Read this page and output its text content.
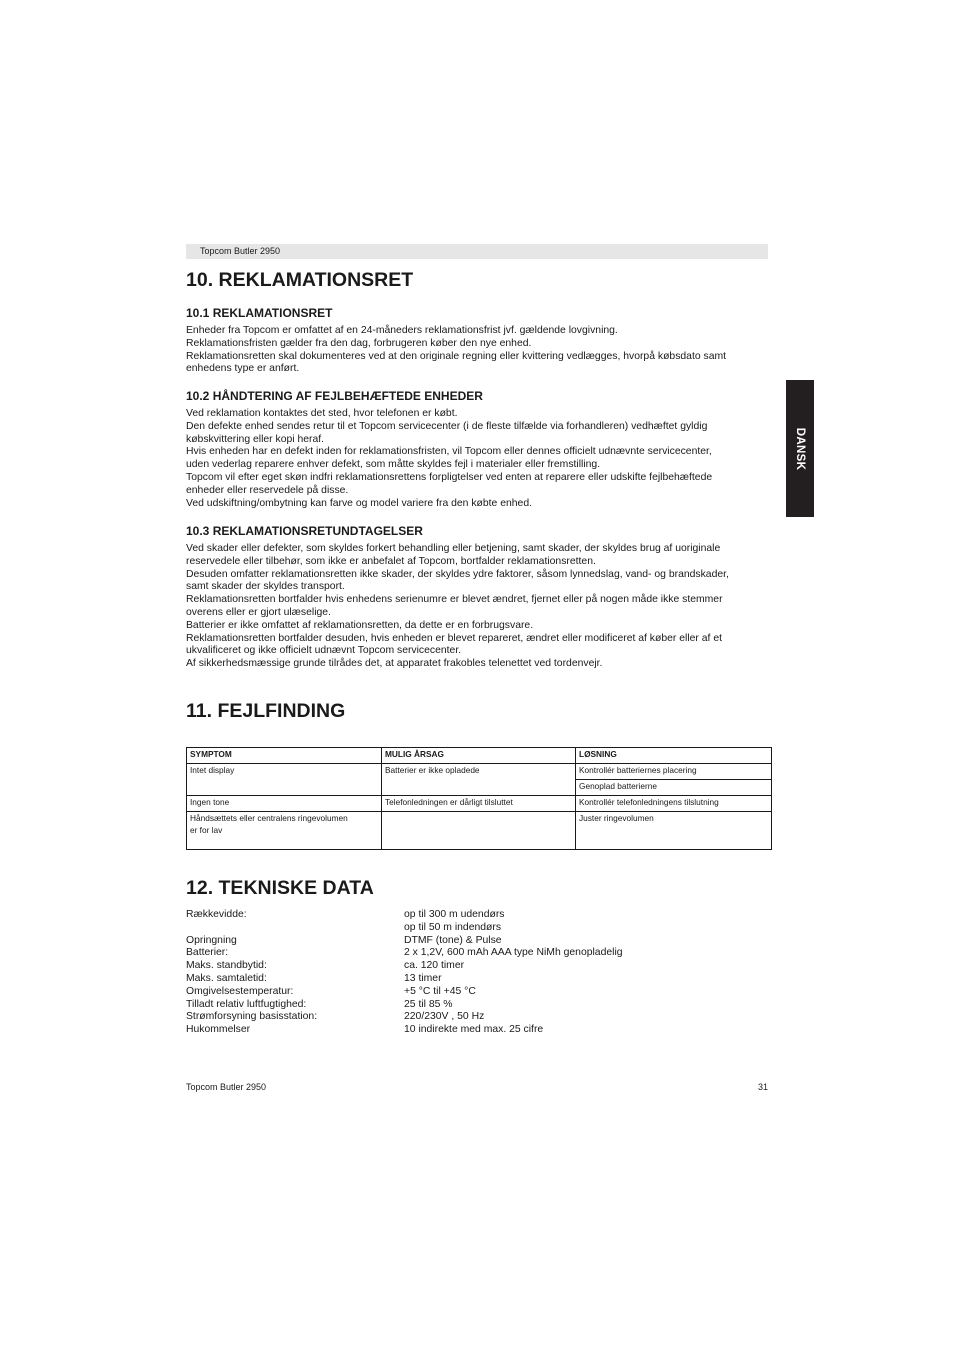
Topcom Butler 2950
DANSK
10. REKLAMATIONSRET
10.1 REKLAMATIONSRET
Enheder fra Topcom er omfattet af en 24-måneders reklamationsfrist jvf. gældende lovgivning.
Reklamationsfristen gælder fra den dag, forbrugeren køber den nye enhed.
Reklamationsretten skal dokumenteres ved at den originale regning eller kvittering vedlægges, hvorpå købsdato samt
enhedens type er anført.
10.2 HÅNDTERING AF FEJLBEHÆFTEDE ENHEDER
Ved reklamation kontaktes det sted, hvor telefonen er købt.
Den defekte enhed sendes retur til et Topcom servicecenter (i de fleste tilfælde via forhandleren) vedhæftet gyldig
købskvittering eller kopi heraf.
Hvis enheden har en defekt inden for reklamationsfristen, vil Topcom eller dennes officielt udnævnte servicecenter,
uden vederlag reparere enhver defekt, som måtte skyldes fejl i materialer eller fremstilling.
Topcom vil efter eget skøn indfri reklamationsrettens forpligtelser ved enten at reparere eller udskifte fejlbehæftede
enheder eller reservedele på disse.
Ved udskiftning/ombytning kan farve og model variere fra den købte enhed.
10.3 REKLAMATIONSRETUNDTAGELSER
Ved skader eller defekter, som skyldes forkert behandling eller betjening, samt skader, der skyldes brug af uoriginale
reservedele eller tilbehør, som ikke er anbefalet af Topcom, bortfalder reklamationsretten.
Desuden omfatter reklamationsretten ikke skader, der skyldes ydre faktorer, såsom lynnedslag, vand- og brandskader,
samt skader der skyldes transport.
Reklamationsretten bortfalder hvis enhedens serienumre er blevet ændret, fjernet eller på nogen måde ikke stemmer
overens eller er gjort ulæselige.
Batterier er ikke omfattet af reklamationsretten, da dette er en forbrugsvare.
Reklamationsretten bortfalder desuden, hvis enheden er blevet repareret, ændret eller modificeret af køber eller af et
ukvalificeret og ikke officielt udnævnt Topcom servicecenter.
Af sikkerhedsmæssige grunde tilrådes det, at apparatet frakobles telenettet ved tordenvejr.
11. FEJLFINDING
SYMPTOM	MULIG ÅRSAG	LØSNING
Intet display	Batterier er ikke opladede	Kontrollér batteriernes placering
		Genoplad batterierne
Ingen tone	Telefonledningen er dårligt tilsluttet	Kontrollér telefonledningens tilslutning

Håndsættets eller centralens ringevolumen
er for lav		Juster ringevolumen
12. TEKNISKE DATA
Rækkevidde:	op til 300 m udendørs
op til 50 m indendørs
Opringning	DTMF (tone) & Pulse
Batterier:	2 x 1,2V, 600 mAh AAA type NiMh genopladelig
Maks. standbytid:	ca. 120 timer
Maks. samtaletid:	13 timer
Omgivelsestemperatur:	+5 °C til +45 °C
Tilladt relativ luftfugtighed:	25 til 85 %
Strømforsyning basisstation:	220/230V , 50 Hz
Hukommelser	10 indirekte med max. 25 cifre
Topcom Butler 2950	31
